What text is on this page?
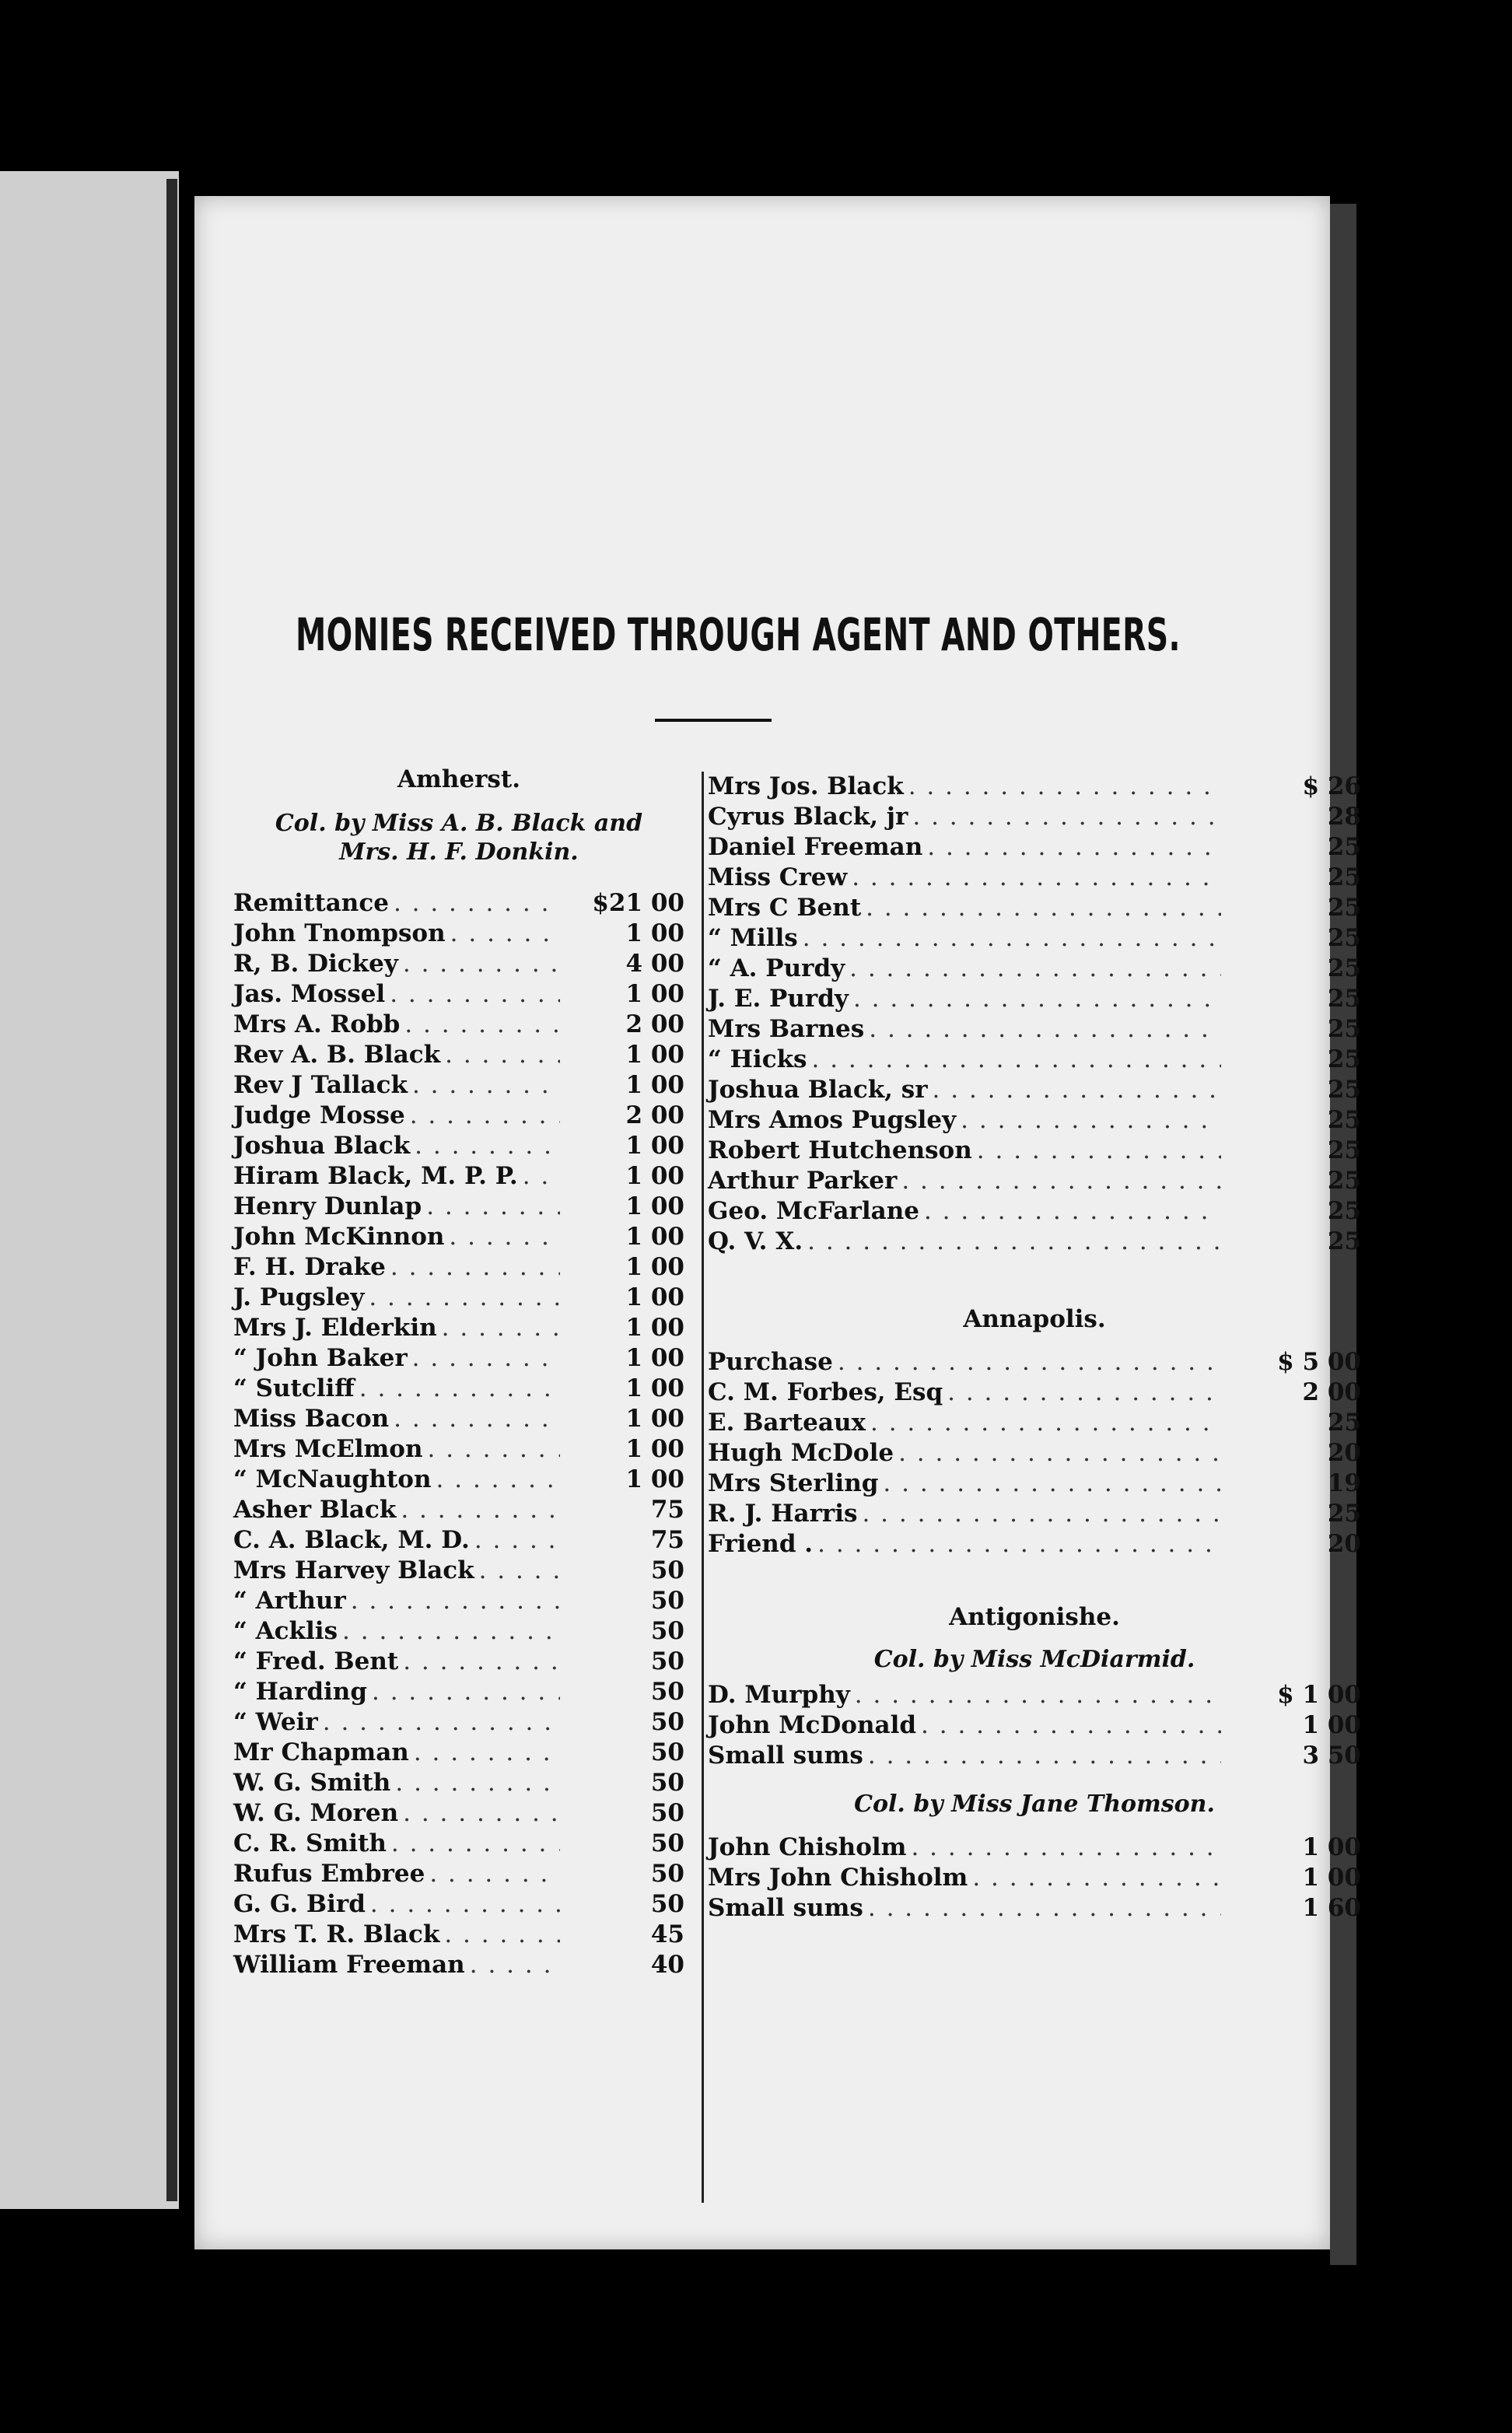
MONIES RECEIVED THROUGH AGENT AND OTHERS.

Amherst.

Col. by Miss A. B. Black and

Mrs. H. F. Donkin.

Remittance . . .	$21 00
John Tnompson . . .	1 00
R, B. Dickey . . .	4 00
Jas. Mossel . . .	1 00
Mrs A. Robb . . .	2 00
Rev A. B. Black . . .	1 00
Rev J Tallack . . .	1 00
Judge Mosse . . .	2 00
Joshua Black . . .	1 00
Hiram Black, M. P. P. . . .	1 00
Henry Dunlap . . .	1 00
John McKinnon . . .	1 00
F. H. Drake . . .	1 00
J. Pugsley . . .	1 00
Mrs J. Elderkin . . .	1 00
“ John Baker . . .	1 00
“ Sutcliff . . .	1 00
Miss Bacon . . .	1 00
Mrs McElmon . . .	1 00
“ McNaughton . . .	1 00
Asher Black . . .	75
C. A. Black, M. D. . . .	75
Mrs Harvey Black . . .	50
“ Arthur . . .	50
“ Acklis . . .	50
“ Fred. Bent . . .	50
“ Harding . . .	50
“ Weir . . .	50
Mr Chapman . . .	50
W. G. Smith . . .	50
W. G. Moren . . .	50
C. R. Smith . . .	50
Rufus Embree . . .	50
G. G. Bird . . .	50
Mrs T. R. Black . . .	45
William Freeman . . .	40
Mrs Jos. Black . . .	$ 26
Cyrus Black, jr . . .	28
Daniel Freeman . . .	25
Miss Crew . . .	25
Mrs C Bent . . .	25
“ Mills . . .	25
“ A. Purdy . . .	25
J. E. Purdy . . .	25
Mrs Barnes . . .	25
“ Hicks . . .	25
Joshua Black, sr . . .	25
Mrs Amos Pugsley . . .	25
Robert Hutchenson . . .	25
Arthur Parker . . .	25
Geo. McFarlane . . .	25
Q. V. X. . . .	25

Annapolis.

Purchase . . .	$ 5 00
C. M. Forbes, Esq . . .	2 00
E. Barteaux . . .	25
Hugh McDole . . .	20
Mrs Sterling . . .	19
R. J. Harris . . .	25
Friend . . . .	20

Antigonishe.

Col. by Miss McDiarmid.

D. Murphy . . .	$ 1 00
John McDonald . . .	1 00
Small sums . . .	3 50

Col. by Miss Jane Thomson.

John Chisholm . . .	1 00
Mrs John Chisholm . . .	1 00
Small sums . . .	1 60
